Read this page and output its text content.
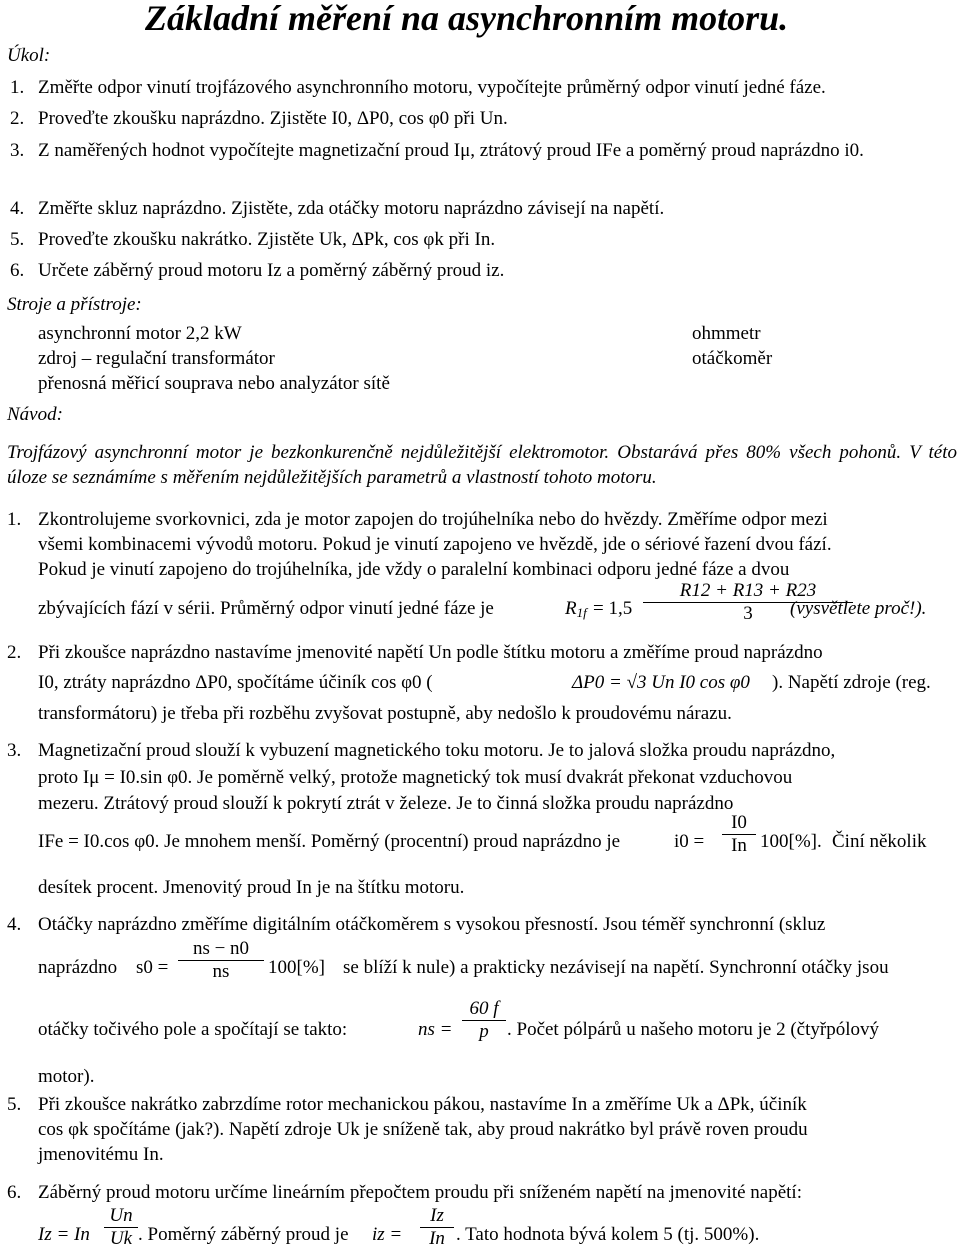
Základní měření na asynchronním motoru.
Úkol:
1. Změřte odpor vinutí trojfázového asynchronního motoru, vypočítejte průměrný odpor vinutí jedné fáze.
2. Proveďte zkoušku naprázdno. Zjistěte I0, ΔP0, cos φ0 při Un.
3. Z naměřených hodnot vypočítejte magnetizační proud Iμ, ztrátový proud IFe a poměrný proud naprázdno i0.
4. Změřte skluz naprázdno. Zjistěte, zda otáčky motoru naprázdno závisejí na napětí.
5. Proveďte zkoušku nakrátko. Zjistěte Uk, ΔPk, cos φk při In.
6. Určete záběrný proud motoru Iz a poměrný záběrný proud iz.
Stroje a přístroje:
asynchronní motor 2,2 kW
zdroj – regulační transformátor
přenosná měřicí souprava nebo analyzátor sítě
ohmmetr
otáčkoměr
Návod:
Trojfázový asynchronní motor je bezkonkurenčně nejdůležitější elektromotor. Obstarává přes 80% všech pohonů. V této úloze se seznámíme s měřením nejdůležitějších parametrů a vlastností tohoto motoru.
1. Zkontrolujeme svorkovnici, zda je motor zapojen do trojúhelníka nebo do hvězdy. Změříme odpor mezi
všemi kombinacemi vývodů motoru. Pokud je vinutí zapojeno ve hvězdě, jde o sériové řazení dvou fází.
Pokud je vinutí zapojeno do trojúhelníka, jde vždy o paralelní kombinaci odporu jedné fáze a dvou
zbývajících fází v sérii. Průměrný odpor vinutí jedné fáze je	$R_{1f} = 1,5 \frac{R12 + R13 + R23}{3}$
(vysvětlete proč!).
2. Při zkoušce naprázdno nastavíme jmenovité napětí Un podle štítku motoru a změříme proud naprázdno
I0, ztráty naprázdno ΔP0, spočítáme účiník cos φ0 (	ΔP0 = √3 Un I0 cos φ0 ). Napětí zdroje (reg.
transformátoru) je třeba při rozběhu zvyšovat postupně, aby nedošlo k proudovému nárazu.
3. Magnetizační proud slouží k vybuzení magnetického toku motoru. Je to jalová složka proudu naprázdno,
proto Iμ = I0.sin φ0. Je poměrně velký, protože magnetický tok musí dvakrát překonat vzduchovou
mezeru. Ztrátový proud slouží k pokrytí ztrát v železe. Je to činná složka proudu naprázdno
IFe = I0.cos φ0. Je mnohem menší. Poměrný (procentní) proud naprázdno je	$i0 = \frac{I0}{In} 100[\%]$. Činí několik
desítek procent. Jmenovitý proud In je na štítku motoru.
4. Otáčky naprázdno změříme digitálním otáčkoměrem s vysokou přesností. Jsou téměř synchronní (skluz
naprázdno $s0 = \frac{ns - n0}{ns} 100[\%]$ se blíží k nule) a prakticky nezávisejí na napětí. Synchronní otáčky jsou
otáčky točivého pole a spočítají se takto:	ns = $\frac{60 f}{p}$ . Počet pólpárů u našeho motoru je 2 (čtyřpólový
motor).
5. Při zkoušce nakrátko zabrzdíme rotor mechanickou pákou, nastavíme In a změříme Uk a ΔPk, účiník
cos φk spočítáme (jak?). Napětí zdroje Uk je sníženě tak, aby proud nakrátko byl právě roven proudu
jmenovitému In.
6. Záběrný proud motoru určíme lineárním přepočtem proudu při sníženém napětí na jmenovité napětí:
Iz = In $\frac{Un}{Uk}$ . Poměrný záběrný proud je iz = $\frac{Iz}{In}$ . Tato hodnota bývá kolem 5 (tj. 500%).
